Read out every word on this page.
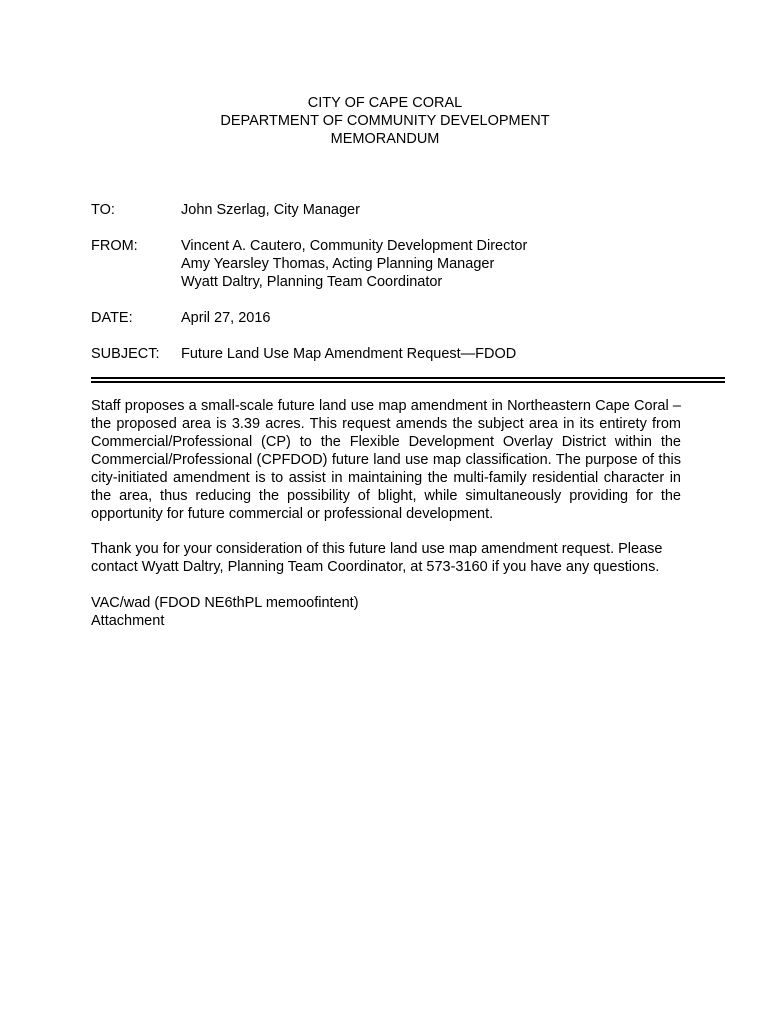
CITY OF CAPE CORAL
DEPARTMENT OF COMMUNITY DEVELOPMENT
MEMORANDUM
TO:	John Szerlag, City Manager
FROM:	Vincent A. Cautero, Community Development Director
Amy Yearsley Thomas, Acting Planning Manager
Wyatt Daltry, Planning Team Coordinator
DATE:	April 27, 2016
SUBJECT: Future Land Use Map Amendment Request—FDOD
Staff proposes a small-scale future land use map amendment in Northeastern Cape Coral – the proposed area is 3.39 acres. This request amends the subject area in its entirety from Commercial/Professional (CP) to the Flexible Development Overlay District within the Commercial/Professional (CPFDOD) future land use map classification. The purpose of this city-initiated amendment is to assist in maintaining the multi-family residential character in the area, thus reducing the possibility of blight, while simultaneously providing for the opportunity for future commercial or professional development.
Thank you for your consideration of this future land use map amendment request. Please
contact Wyatt Daltry, Planning Team Coordinator, at 573-3160 if you have any questions.
VAC/wad (FDOD NE6thPL memoofintent)
Attachment
